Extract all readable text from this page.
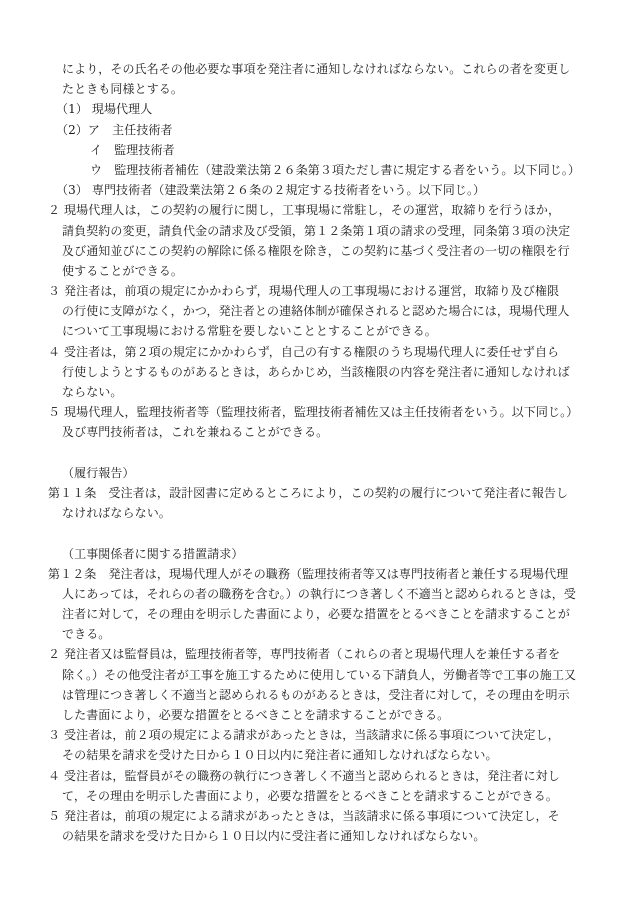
により，その氏名その他必要な事項を発注者に通知しなければならない。これらの者を変更し
たときも同様とする。
（1） 現場代理人
（2）ア　主任技術者
イ　監理技術者
ウ　監理技術者補佐（建設業法第２６条第３項ただし書に規定する者をいう。以下同じ。）
（3） 専門技術者（建設業法第２６条の２規定する技術者をいう。以下同じ。）
２ 現場代理人は，この契約の履行に関し，工事現場に常駐し，その運営，取締りを行うほか，
請負契約の変更，請負代金の請求及び受領，第１２条第１項の請求の受理，同条第３項の決定
及び通知並びにこの契約の解除に係る権限を除き，この契約に基づく受注者の一切の権限を行
使することができる。
３ 発注者は，前項の規定にかかわらず，現場代理人の工事現場における運営，取締り及び権限
の行使に支障がなく，かつ，発注者との連絡体制が確保されると認めた場合には，現場代理人
について工事現場における常駐を要しないこととすることができる。
４ 受注者は，第２項の規定にかかわらず，自己の有する権限のうち現場代理人に委任せず自ら
行使しようとするものがあるときは，あらかじめ，当該権限の内容を発注者に通知しなければ
ならない。
５ 現場代理人，監理技術者等（監理技術者，監理技術者補佐又は主任技術者をいう。以下同じ。）
及び専門技術者は，これを兼ねることができる。

（履行報告）
第１１条　受注者は，設計図書に定めるところにより，この契約の履行について発注者に報告し
なければならない。

（工事関係者に関する措置請求）
第１２条　発注者は，現場代理人がその職務（監理技術者等又は専門技術者と兼任する現場代理
人にあっては，それらの者の職務を含む。）の執行につき著しく不適当と認められるときは，受
注者に対して，その理由を明示した書面により，必要な措置をとるべきことを請求することが
できる。
２ 発注者又は監督員は，監理技術者等，専門技術者（これらの者と現場代理人を兼任する者を
除く。）その他受注者が工事を施工するために使用している下請負人，労働者等で工事の施工又
は管理につき著しく不適当と認められるものがあるときは，受注者に対して，その理由を明示
した書面により，必要な措置をとるべきことを請求することができる。
３ 受注者は，前２項の規定による請求があったときは，当該請求に係る事項について決定し，
その結果を請求を受けた日から１０日以内に発注者に通知しなければならない。
４ 受注者は，監督員がその職務の執行につき著しく不適当と認められるときは，発注者に対し
て，その理由を明示した書面により，必要な措置をとるべきことを請求することができる。
５ 発注者は，前項の規定による請求があったときは，当該請求に係る事項について決定し，そ
の結果を請求を受けた日から１０日以内に受注者に通知しなければならない。
